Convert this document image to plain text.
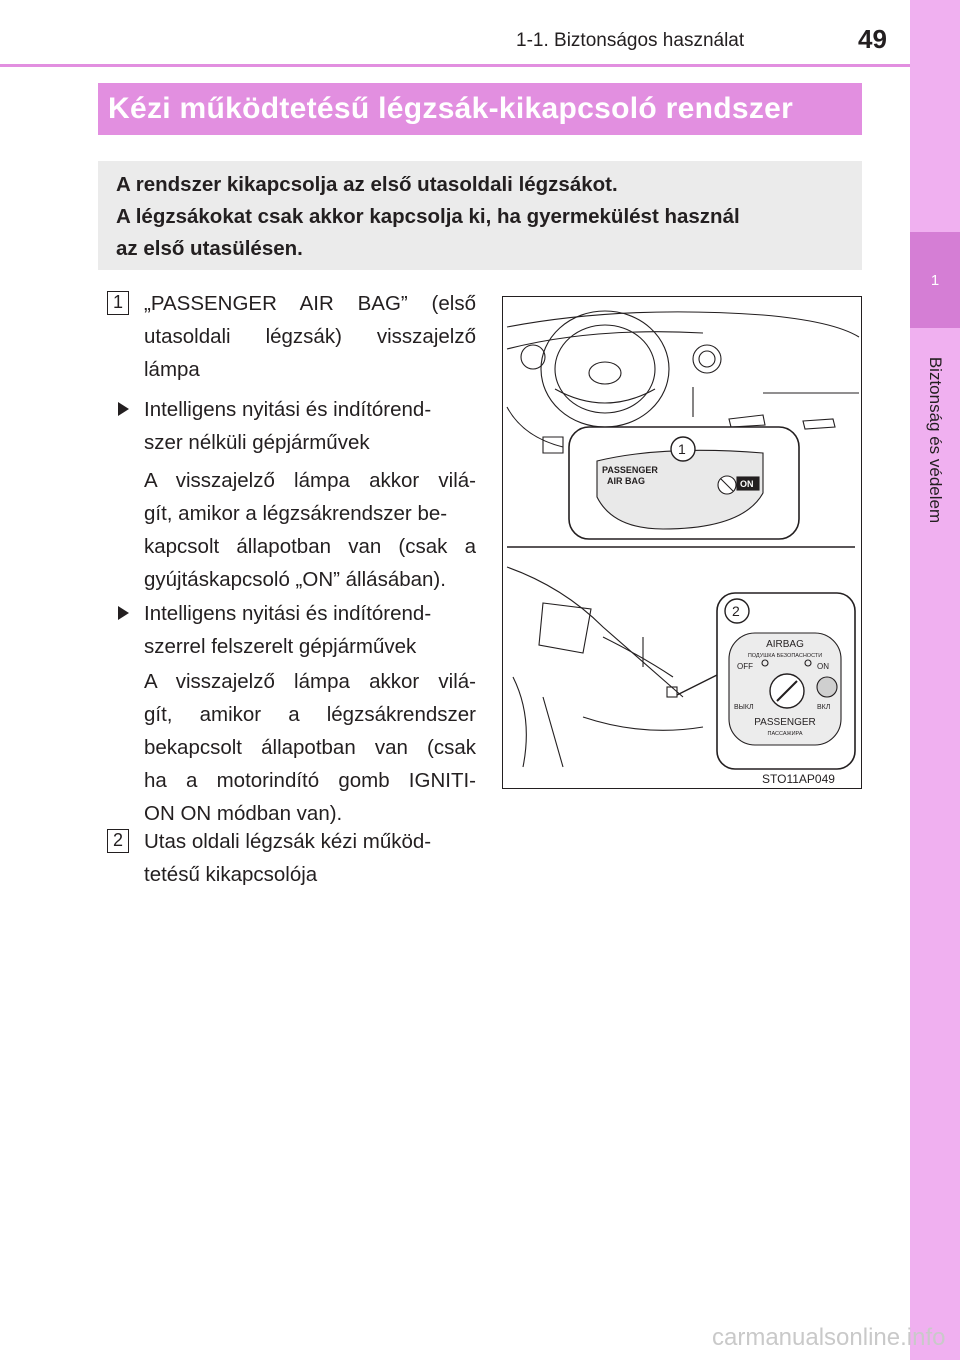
1-1. Biztonságos használat	49
1
Biztonság és védelem
Kézi működtetésű légzsák-kikapcsoló rendszer

A rendszer kikapcsolja az első utasoldali légzsákot.

A légzsákokat csak akkor kapcsolja ki, ha gyermekülést használ

az első utasülésen.

1 „PASSENGER AIR BAG” (első
utasoldali légzsák) visszajelző
lámpa
Intelligens nyitási és indítórend-
szer nélküli gépjárművek
A visszajelző lámpa akkor vilá-
gít, amikor a légzsákrendszer be-
kapcsolt állapotban van (csak a
gyújtáskapcsoló „ON” állásában).
Intelligens nyitási és indítórend-
szerrel felszerelt gépjárművek
A visszajelző lámpa akkor vilá-
gít, amikor a légzsákrendszer
bekapcsolt állapotban van (csak
ha a motorindító gomb IGNITI-
ON ON módban van).
2 Utas oldali légzsák kézi működ-
tetésű kikapcsolója
1
PASSENGER
AIR BAG	ON
2
AIRBAG
ПОДУШКА БЕЗОПАСНОСТИ
OFF	ON
ВЫКЛ	ВКЛ
PASSENGER
ПАССАЖИРА
STO11AP049
carmanualsonline.info
